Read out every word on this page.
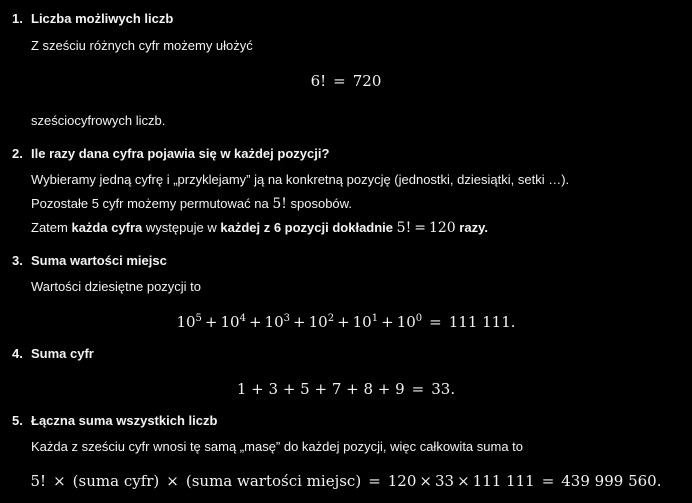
1. Liczba możliwych liczb
Z sześciu różnych cyfr możemy ułożyć
6! = 720
sześciocyfrowych liczb.
2. Ile razy dana cyfra pojawia się w każdej pozycji?
Wybieramy jedną cyfrę i „przyklejamy” ją na konkretną pozycję (jednostki, dziesiątki, setki …).
Pozostałe 5 cyfr możemy permutować na 5! sposobów.
Zatem każda cyfra występuje w każdej z 6 pozycji dokładnie 5! = 120 razy.
3. Suma wartości miejsc
Wartości dziesiętne pozycji to
$10^5 + 10^4 + 10^3 + 10^2 + 10^1 + 10^0 = 111$ 111.
4. Suma cyfr
1 + 3 + 5 + 7 + 8 + 9 = 33.
5. Łączna suma wszystkich liczb
Każda z sześciu cyfr wnosi tę samą „masę” do każdej pozycji, więc całkowita suma to
5! × (suma cyfr) × (suma wartości miejsc) = 120 × 33 × 111 111 = 439 999 560.
